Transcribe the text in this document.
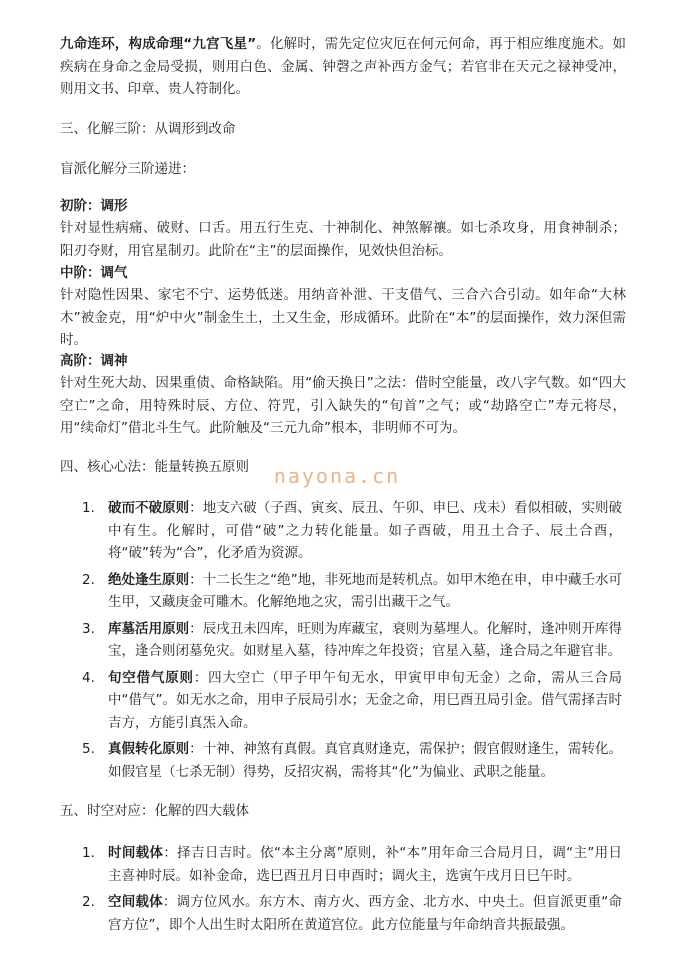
九命连环，构成命理“九宫飞星”。化解时，需先定位灾厄在何元何命，再于相应维度施术。如疾病在身命之金局受损，则用白色、金属、钟磬之声补西方金气；若官非在天元之禄神受冲，则用文书、印章、贵人符制化。

三、化解三阶：从调形到改命

盲派化解分三阶递进：

初阶：调形

针对显性病痛、破财、口舌。用五行生克、十神制化、神煞解禳。如七杀攻身，用食神制杀；阳刃夺财，用官星制刃。此阶在“主”的层面操作，见效快但治标。

中阶：调气

针对隐性因果、家宅不宁、运势低迷。用纳音补泄、干支借气、三合六合引动。如年命“大林木”被金克，用“炉中火”制金生土，土又生金，形成循环。此阶在“本”的层面操作，效力深但需时。

高阶：调神

针对生死大劫、因果重债、命格缺陷。用“偷天换日”之法：借时空能量，改八字气数。如“四大空亡”之命，用特殊时辰、方位、符咒，引入缺失的“旬首”之气；或“劫路空亡”寿元将尽，用“续命灯”借北斗生气。此阶触及“三元九命”根本，非明师不可为。

四、核心心法：能量转换五原则	nayona.cn
1. 破而不破原则：地支六破（子酉、寅亥、辰丑、午卯、申巳、戌未）看似相破，实则破中有生。化解时，可借“破”之力转化能量。如子酉破，用丑土合子、辰土合酉，将“破”转为“合”，化矛盾为资源。
2. 绝处逢生原则：十二长生之“绝”地，非死地而是转机点。如甲木绝在申，申中藏壬水可生甲，又藏庚金可雕木。化解绝地之灾，需引出藏干之气。
3. 库墓活用原则：辰戌丑未四库，旺则为库藏宝，衰则为墓埋人。化解时，逢冲则开库得宝，逢合则闭墓免灾。如财星入墓，待冲库之年投资；官星入墓，逢合局之年避官非。
4. 旬空借气原则：四大空亡（甲子甲午旬无水，甲寅甲申旬无金）之命，需从三合局中“借气”。如无水之命，用申子辰局引水；无金之命，用巳酉丑局引金。借气需择吉时吉方，方能引真炁入命。
5. 真假转化原则：十神、神煞有真假。真官真财逢克，需保护；假官假财逢生，需转化。如假官星（七杀无制）得势，反招灾祸，需将其“化”为偏业、武职之能量。

五、时空对应：化解的四大载体

1. 时间载体：择吉日吉时。依“本主分离”原则，补“本”用年命三合局月日，调“主”用日主喜神时辰。如补金命，选巳酉丑月日申酉时；调火主，选寅午戌月日巳午时。
2. 空间载体：调方位风水。东方木、南方火、西方金、北方水、中央土。但盲派更重“命宫方位”，即个人出生时太阳所在黄道宫位。此方位能量与年命纳音共振最强。
